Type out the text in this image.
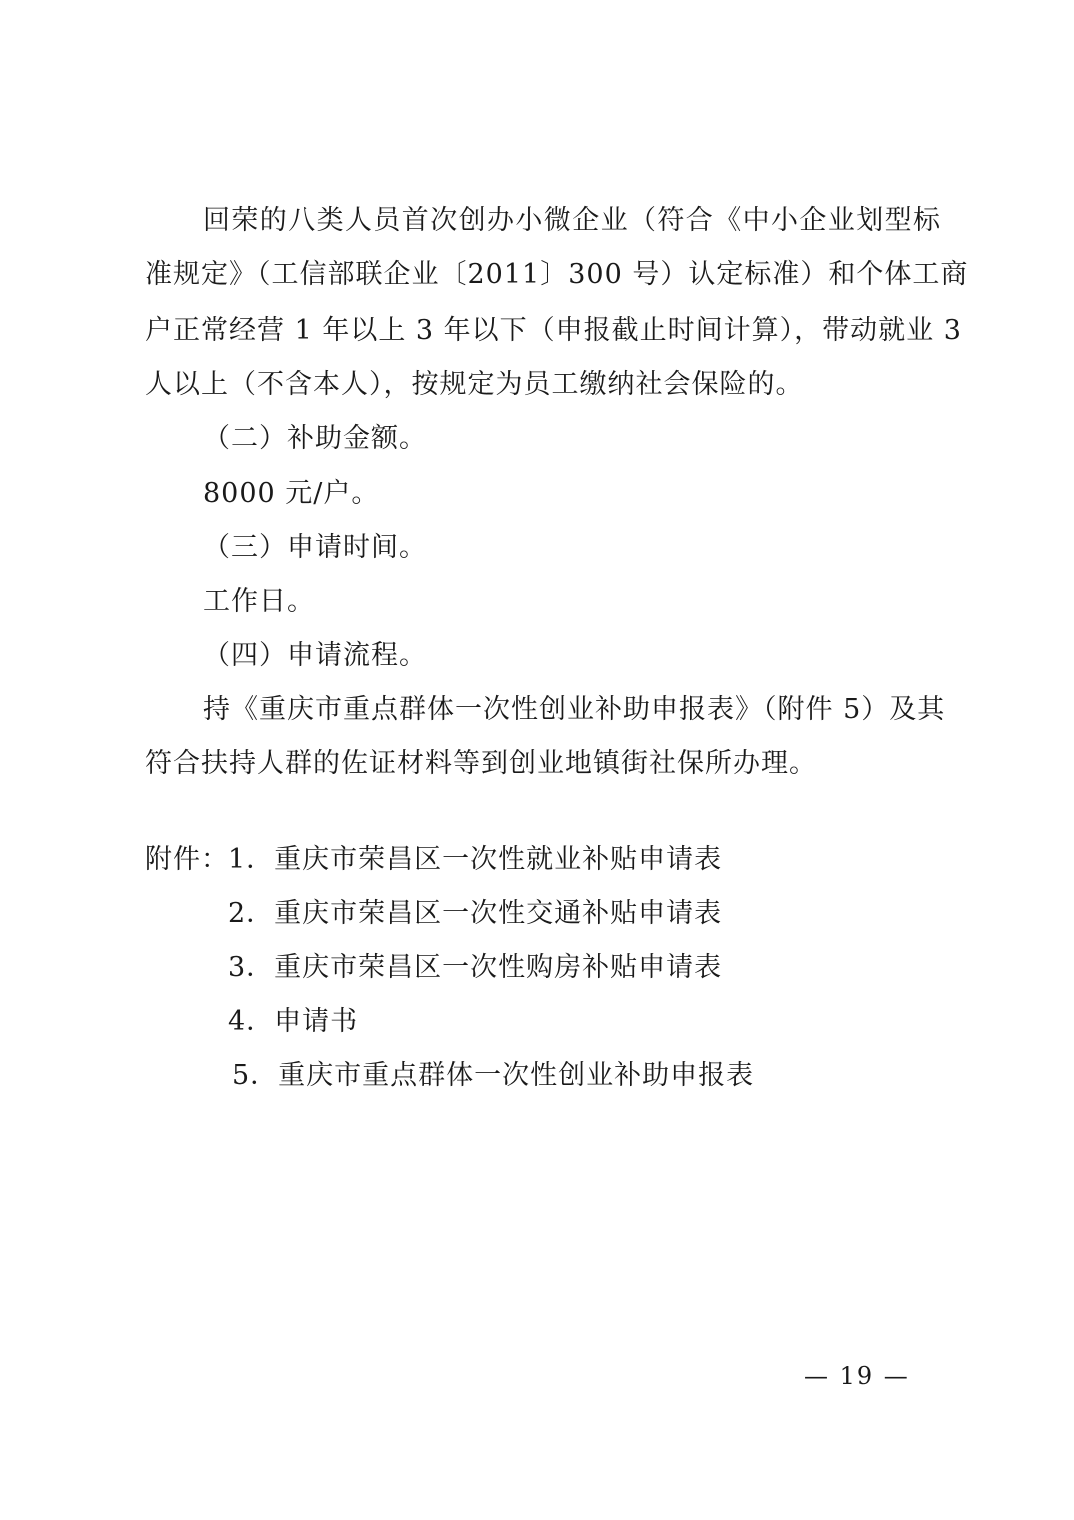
回荣的八类人员首次创办小微企业（符合《中小企业划型标
准规定》（工信部联企业〔2011〕300 号）认定标准）和个体工商
户正常经营 1 年以上 3 年以下（申报截止时间计算），带动就业 3
人以上（不含本人），按规定为员工缴纳社会保险的。
（二）补助金额。
8000 元/户。
（三）申请时间。
工作日。
（四）申请流程。
持《重庆市重点群体一次性创业补助申报表》（附件 5）及其
符合扶持人群的佐证材料等到创业地镇街社保所办理。
附件： 1．重庆市荣昌区一次性就业补贴申请表
2．重庆市荣昌区一次性交通补贴申请表
3．重庆市荣昌区一次性购房补贴申请表
4．申请书
5．重庆市重点群体一次性创业补助申报表
— 19 —
